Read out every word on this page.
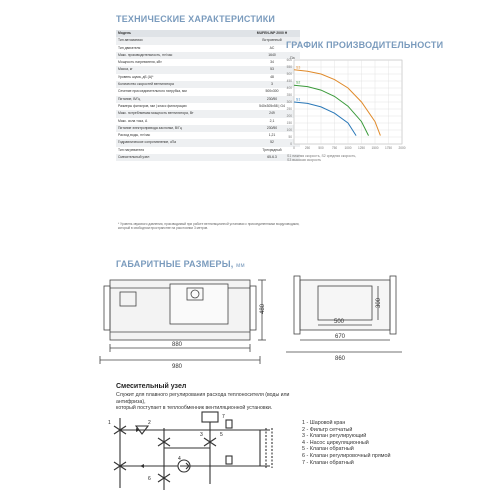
ТЕХНИЧЕСКИЕ ХАРАКТЕРИСТИКИ
Модель	MUFEN-WP 2000 H
Тип автоматики	Встроенный
Тип двигателя	AC
Макс. производительность, m³/час	1640
Мощность нагревателя, кВт	34
Масса, кг	53
Уровень шума, дБ (A)*	48
Количество скоростей вентилятора	3
Сечение присоединительного патрубка, мм	500x300
Питание, В/Гц	230/50
Размеры фильтров, мм | класс фильтрации	540x305x58 | G4
Макс. потребляемая мощность вентилятора, Вт	249
Макс. сила тока, А	2,1
Питание электропривода заслонки, В/Гц	230/50
Расход воды, m³/час	1,21
Гидравлическое сопротивление, кПа	52
Тип нагревателя	Трехрядный
Смесительный узел	65-6.3
* Уровень звукового давления, производимый при работе вентиляционной установки с присоединенными воздуховодами, который в свободном пространстве на расстоянии 3 метров.
ГРАФИК ПРОИЗВОДИТЕЛЬНОСТИ
0
50
100
150
200
250
300
350
400
450
500
550
600
0	250	500	750 1000 1250 1500 1750 2000
Па
S1
S2
S3
S1 нижняя скорость, S2 средняя скорость,
S3 высокая скорость
ГАБАРИТНЫЕ РАЗМЕРЫ, мм
880
980
480
500
300
670
860
Смесительный узел
Служит для плавного регулирования расхода теплоносителя (воды или антифриза),
который поступает в теплообменник вентиляционной установки.
2
3
4
7
5
1
6
1 - Шаровой кран
2 - Фильтр сетчатый
3 - Клапан регулирующий
4 - Насос циркуляционный
5 - Клапан обратный
6 - Клапан регулировочный прямой
7 - Клапан обратный
